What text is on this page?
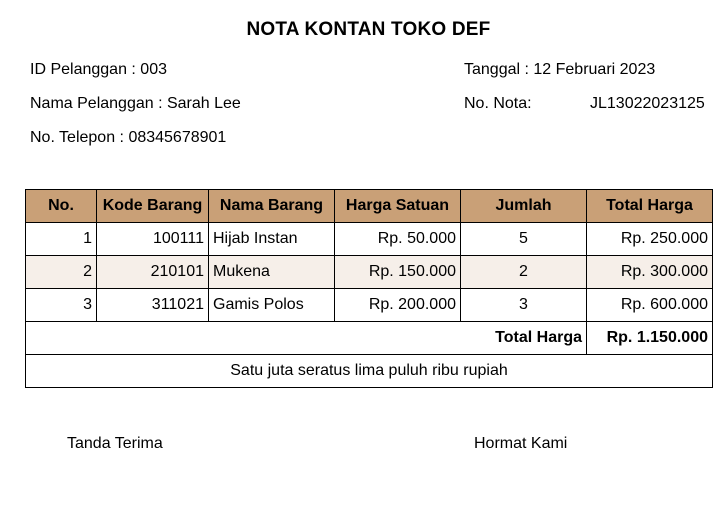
NOTA KONTAN TOKO DEF
ID Pelanggan : 003
Nama Pelanggan : Sarah Lee
No. Telepon : 08345678901
Tanggal : 12 Februari 2023
No. Nota:	JL13022023125
No.	Kode Barang	Nama Barang	Harga Satuan	Jumlah	Total Harga
1	100111	Hijab Instan	Rp. 50.000	5	Rp. 250.000
2	210101	Mukena	Rp. 150.000	2	Rp. 300.000
3	311021	Gamis Polos	Rp. 200.000	3	Rp. 600.000
Total Harga					Rp. 1.150.000
Satu juta seratus lima puluh ribu rupiah					
Tanda Terima	Hormat Kami
